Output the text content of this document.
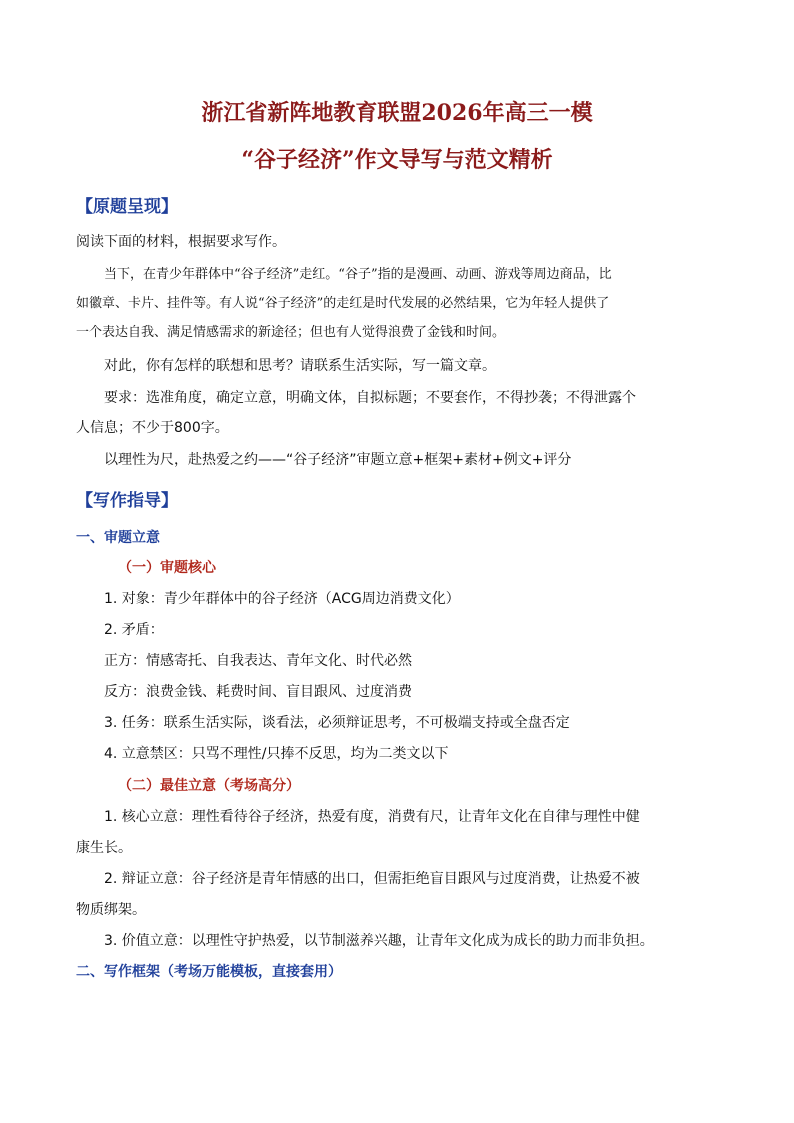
浙江省新阵地教育联盟2026年高三一模
“谷子经济”作文导写与范文精析
【原题呈现】
阅读下面的材料，根据要求写作。
当下，在青少年群体中“谷子经济”走红。“谷子”指的是漫画、动画、游戏等周边商品，比
如徽章、卡片、挂件等。有人说“谷子经济”的走红是时代发展的必然结果，它为年轻人提供了
一个表达自我、满足情感需求的新途径；但也有人觉得浪费了金钱和时间。
对此，你有怎样的联想和思考？请联系生活实际，写一篇文章。
要求：选准角度，确定立意，明确文体，自拟标题；不要套作，不得抄袭；不得泄露个
人信息；不少于800字。
以理性为尺，赴热爱之约——“谷子经济”审题立意+框架+素材+例文+评分
【写作指导】
一、审题立意
（一）审题核心
1. 对象：青少年群体中的谷子经济（ACG周边消费文化）
2. 矛盾：
正方：情感寄托、自我表达、青年文化、时代必然
反方：浪费金钱、耗费时间、盲目跟风、过度消费
3. 任务：联系生活实际，谈看法，必须辩证思考，不可极端支持或全盘否定
4. 立意禁区：只骂不理性/只捧不反思，均为二类文以下
（二）最佳立意（考场高分）
1. 核心立意：理性看待谷子经济，热爱有度，消费有尺，让青年文化在自律与理性中健
康生长。
2. 辩证立意：谷子经济是青年情感的出口，但需拒绝盲目跟风与过度消费，让热爱不被
物质绑架。
3. 价值立意：以理性守护热爱，以节制滋养兴趣，让青年文化成为成长的助力而非负担。
二、写作框架（考场万能模板，直接套用）
